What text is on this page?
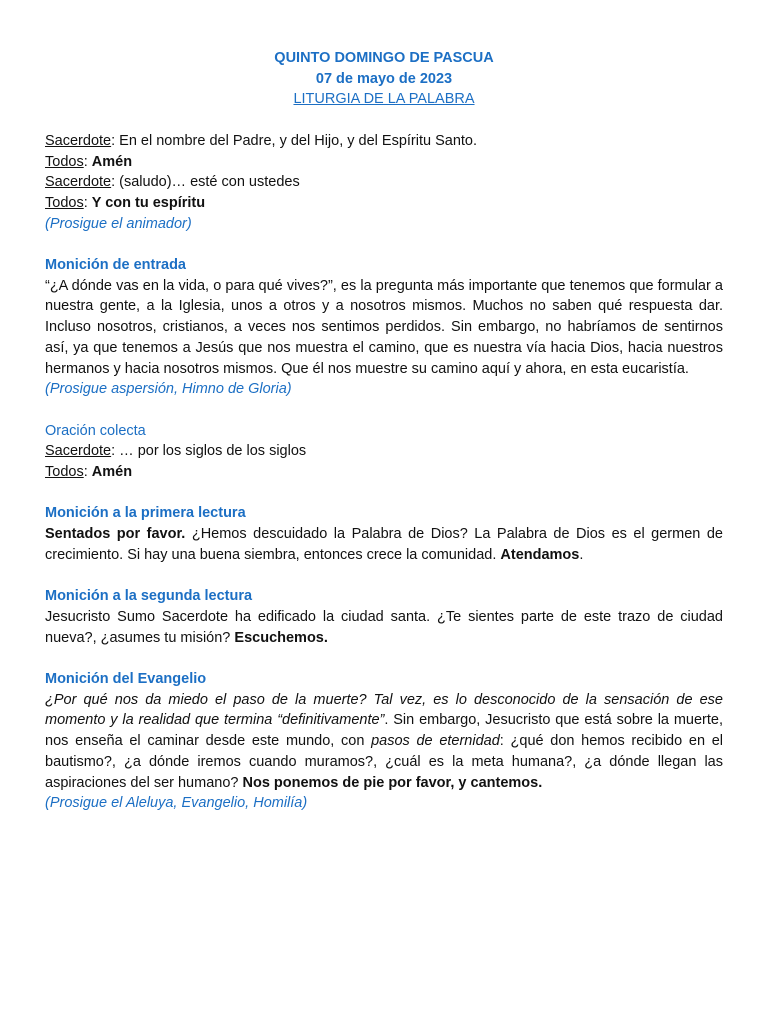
QUINTO DOMINGO DE PASCUA

07 de mayo de 2023

LITURGIA DE LA PALABRA

Sacerdote: En el nombre del Padre, y del Hijo, y del Espíritu Santo.

Todos: Amén

Sacerdote: (saludo)… esté con ustedes

Todos: Y con tu espíritu

(Prosigue el animador)

Monición de entrada

“¿A dónde vas en la vida, o para qué vives?”, es la pregunta más importante que tenemos que formular a nuestra gente, a la Iglesia, unos a otros y a nosotros mismos. Muchos no saben qué respuesta dar. Incluso nosotros, cristianos, a veces nos sentimos perdidos. Sin embargo, no habríamos de sentirnos así, ya que tenemos a Jesús que nos muestra el camino, que es nuestra vía hacia Dios, hacia nuestros hermanos y hacia nosotros mismos. Que él nos muestre su camino aquí y ahora, en esta eucaristía.

(Prosigue aspersión, Himno de Gloria)

Oración colecta

Sacerdote: … por los siglos de los siglos

Todos: Amén

Monición a la primera lectura

Sentados por favor. ¿Hemos descuidado la Palabra de Dios? La Palabra de Dios es el germen de crecimiento. Si hay una buena siembra, entonces crece la comunidad. Atendamos.

Monición a la segunda lectura

Jesucristo Sumo Sacerdote ha edificado la ciudad santa. ¿Te sientes parte de este trazo de ciudad nueva?, ¿asumes tu misión? Escuchemos.

Monición del Evangelio

¿Por qué nos da miedo el paso de la muerte? Tal vez, es lo desconocido de la sensación de ese momento y la realidad que termina “definitivamente”. Sin embargo, Jesucristo que está sobre la muerte, nos enseña el caminar desde este mundo, con pasos de eternidad: ¿qué don hemos recibido en el bautismo?, ¿a dónde iremos cuando muramos?, ¿cuál es la meta humana?, ¿a dónde llegan las aspiraciones del ser humano? Nos ponemos de pie por favor, y cantemos.

(Prosigue el Aleluya, Evangelio, Homilía)
